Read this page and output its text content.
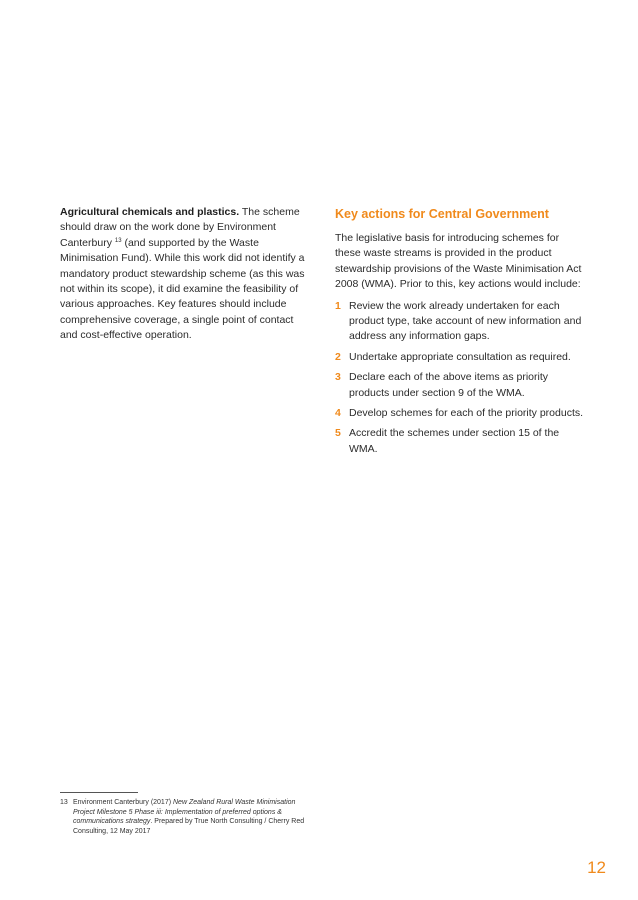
Agricultural chemicals and plastics. The scheme should draw on the work done by Environment Canterbury $^{13}$ (and supported by the Waste Minimisation Fund). While this work did not identify a mandatory product stewardship scheme (as this was not within its scope), it did examine the feasibility of various approaches. Key features should include comprehensive coverage, a single point of contact and cost-effective operation.

Key actions for Central Government

The legislative basis for introducing schemes for these waste streams is provided in the product stewardship provisions of the Waste Minimisation Act 2008 (WMA). Prior to this, key actions would include:

1 Review the work already undertaken for each product type, take account of new information and address any information gaps.
2 Undertake appropriate consultation as required.
3 Declare each of the above items as priority products under section 9 of the WMA.
4 Develop schemes for each of the priority products.
5 Accredit the schemes under section 15 of the WMA.
13 Environment Canterbury (2017) New Zealand Rural Waste Minimisation Project Milestone 5 Phase iii: Implementation of preferred options & communications strategy. Prepared by True North Consulting / Cherry Red Consulting, 12 May 2017
12
